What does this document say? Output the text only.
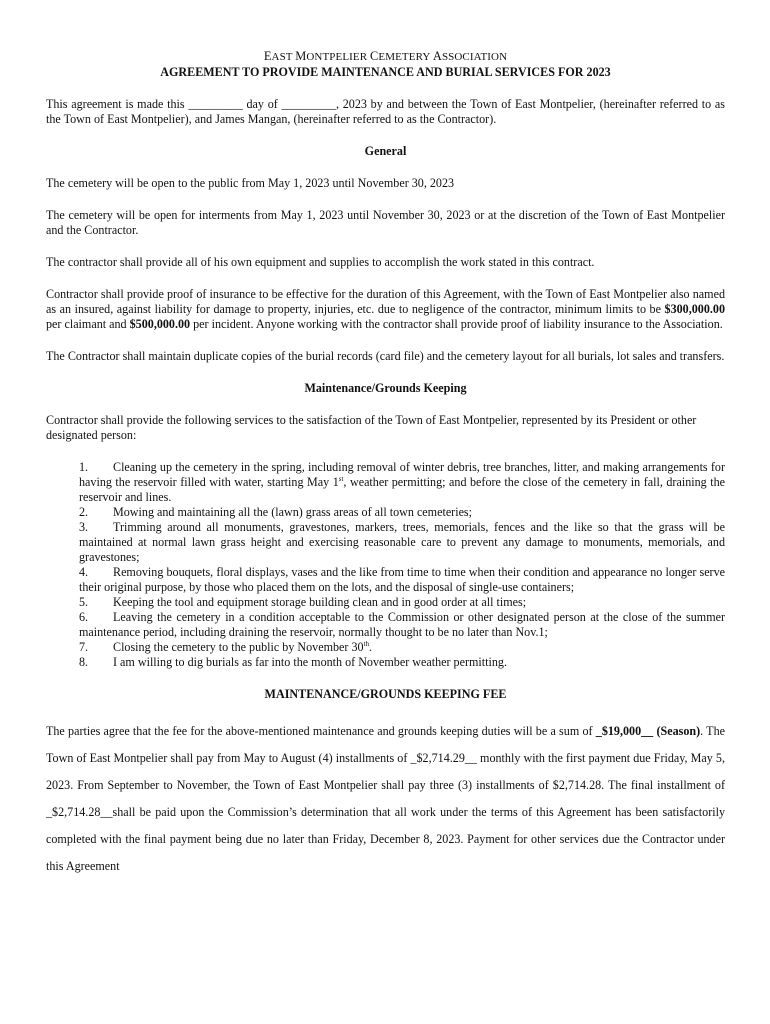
EAST MONTPELIER CEMETERY ASSOCIATION
AGREEMENT TO PROVIDE MAINTENANCE AND BURIAL SERVICES FOR 2023

This agreement is made this _________ day of _________, 2023 by and between the Town of East Montpelier, (hereinafter referred to as the Town of East Montpelier), and James Mangan, (hereinafter referred to as the Contractor).

General

The cemetery will be open to the public from May 1, 2023 until November 30, 2023

The cemetery will be open for interments from May 1, 2023 until November 30, 2023 or at the discretion of the Town of East Montpelier and the Contractor.

The contractor shall provide all of his own equipment and supplies to accomplish the work stated in this contract.

Contractor shall provide proof of insurance to be effective for the duration of this Agreement, with the Town of East Montpelier also named as an insured, against liability for damage to property, injuries, etc. due to negligence of the contractor, minimum limits to be $300,000.00 per claimant and $500,000.00 per incident. Anyone working with the contractor shall provide proof of liability insurance to the Association.

The Contractor shall maintain duplicate copies of the burial records (card file) and the cemetery layout for all burials, lot sales and transfers.

Maintenance/Grounds Keeping

Contractor shall provide the following services to the satisfaction of the Town of East Montpelier, represented by its President or other designated person:

1. Cleaning up the cemetery in the spring, including removal of winter debris, tree branches, litter, and making arrangements for having the reservoir filled with water, starting May 1st, weather permitting; and before the close of the cemetery in fall, draining the reservoir and lines.
2. Mowing and maintaining all the (lawn) grass areas of all town cemeteries;
3. Trimming around all monuments, gravestones, markers, trees, memorials, fences and the like so that the grass will be maintained at normal lawn grass height and exercising reasonable care to prevent any damage to monuments, memorials, and gravestones;
4. Removing bouquets, floral displays, vases and the like from time to time when their condition and appearance no longer serve their original purpose, by those who placed them on the lots, and the disposal of single-use containers;
5. Keeping the tool and equipment storage building clean and in good order at all times;
6. Leaving the cemetery in a condition acceptable to the Commission or other designated person at the close of the summer maintenance period, including draining the reservoir, normally thought to be no later than Nov.1;
7. Closing the cemetery to the public by November 30th.
8. I am willing to dig burials as far into the month of November weather permitting.
MAINTENANCE/GROUNDS KEEPING FEE

The parties agree that the fee for the above-mentioned maintenance and grounds keeping duties will be a sum of _$19,000__ (Season). The Town of East Montpelier shall pay from May to August (4) installments of _$2,714.29__ monthly with the first payment due Friday, May 5, 2023. From September to November, the Town of East Montpelier shall pay three (3) installments of $2,714.28. The final installment of _$2,714.28__shall be paid upon the Commission’s determination that all work under the terms of this Agreement has been satisfactorily completed with the final payment being due no later than Friday, December 8, 2023. Payment for other services due the Contractor under this Agreement
